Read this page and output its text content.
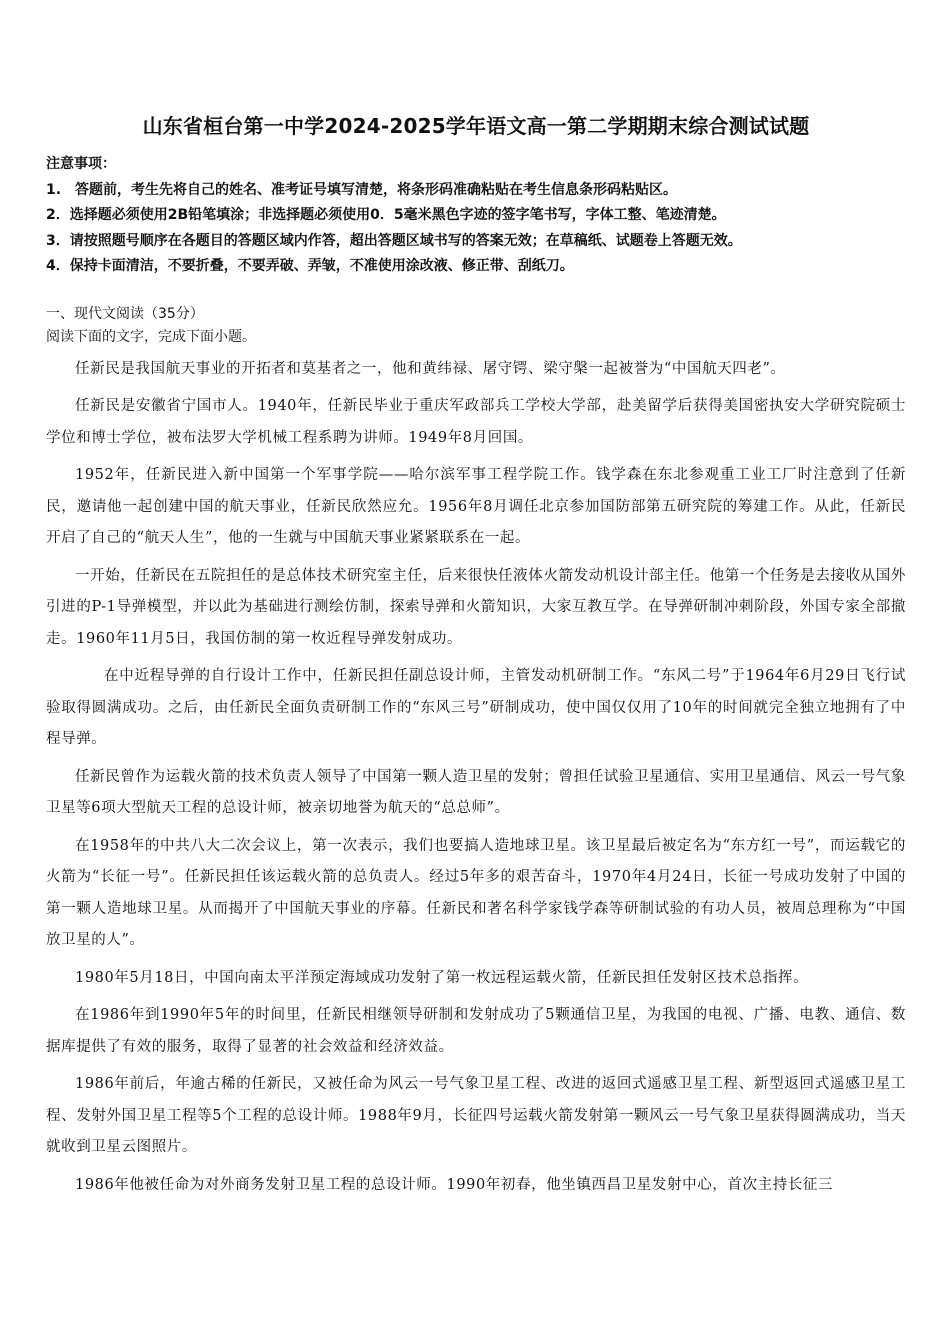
山东省桓台第一中学2024-2025学年语文高一第二学期期末综合测试试题

注意事项：

1.　答题前，考生先将自己的姓名、准考证号填写清楚，将条形码准确粘贴在考生信息条形码粘贴区。
2．选择题必须使用2B铅笔填涂；非选择题必须使用0．5毫米黑色字迹的签字笔书写，字体工整、笔迹清楚。
3．请按照题号顺序在各题目的答题区域内作答，超出答题区域书写的答案无效；在草稿纸、试题卷上答题无效。
4．保持卡面清洁，不要折叠，不要弄破、弄皱，不准使用涂改液、修正带、刮纸刀。
一、现代文阅读（35分）

阅读下面的文字，完成下面小题。

任新民是我国航天事业的开拓者和莫基者之一，他和黄纬禄、屠守锷、梁守槃一起被誉为“中国航天四老”。

任新民是安徽省宁国市人。1940年，任新民毕业于重庆军政部兵工学校大学部，赴美留学后获得美国密执安大学研究院硕士学位和博士学位，被布法罗大学机械工程系聘为讲师。1949年8月回国。

1952年，任新民进入新中国第一个军事学院——哈尔滨军事工程学院工作。钱学森在东北参观重工业工厂时注意到了任新民，邀请他一起创建中国的航天事业，任新民欣然应允。1956年8月调任北京参加国防部第五研究院的筹建工作。从此，任新民开启了自己的“航天人生”，他的一生就与中国航天事业紧紧联系在一起。

一开始，任新民在五院担任的是总体技术研究室主任，后来很快任液体火箭发动机设计部主任。他第一个任务是去接收从国外引进的P-1导弹模型，并以此为基础进行测绘仿制，探索导弹和火箭知识，大家互教互学。在导弹研制冲刺阶段，外国专家全部撤走。1960年11月5日，我国仿制的第一枚近程导弹发射成功。

在中近程导弹的自行设计工作中，任新民担任副总设计师，主管发动机研制工作。“东风二号”于1964年6月29日飞行试验取得圆满成功。之后，由任新民全面负责研制工作的“东风三号”研制成功，使中国仅仅用了10年的时间就完全独立地拥有了中程导弹。

任新民曾作为运载火箭的技术负责人领导了中国第一颗人造卫星的发射；曾担任试验卫星通信、实用卫星通信、风云一号气象卫星等6项大型航天工程的总设计师，被亲切地誉为航天的“总总师”。

在1958年的中共八大二次会议上，第一次表示，我们也要搞人造地球卫星。该卫星最后被定名为“东方红一号”，而运载它的火箭为“长征一号”。任新民担任该运载火箭的总负责人。经过5年多的艰苦奋斗，1970年4月24日，长征一号成功发射了中国的第一颗人造地球卫星。从而揭开了中国航天事业的序幕。任新民和著名科学家钱学森等研制试验的有功人员，被周总理称为“中国放卫星的人”。

1980年5月18日，中国向南太平洋预定海域成功发射了第一枚远程运载火箭，任新民担任发射区技术总指挥。

在1986年到1990年5年的时间里，任新民相继领导研制和发射成功了5颗通信卫星，为我国的电视、广播、电教、通信、数据库提供了有效的服务，取得了显著的社会效益和经济效益。

1986年前后，年逾古稀的任新民，又被任命为风云一号气象卫星工程、改进的返回式遥感卫星工程、新型返回式遥感卫星工程、发射外国卫星工程等5个工程的总设计师。1988年9月，长征四号运载火箭发射第一颗风云一号气象卫星获得圆满成功，当天就收到卫星云图照片。

1986年他被任命为对外商务发射卫星工程的总设计师。1990年初春，他坐镇西昌卫星发射中心，首次主持长征三
